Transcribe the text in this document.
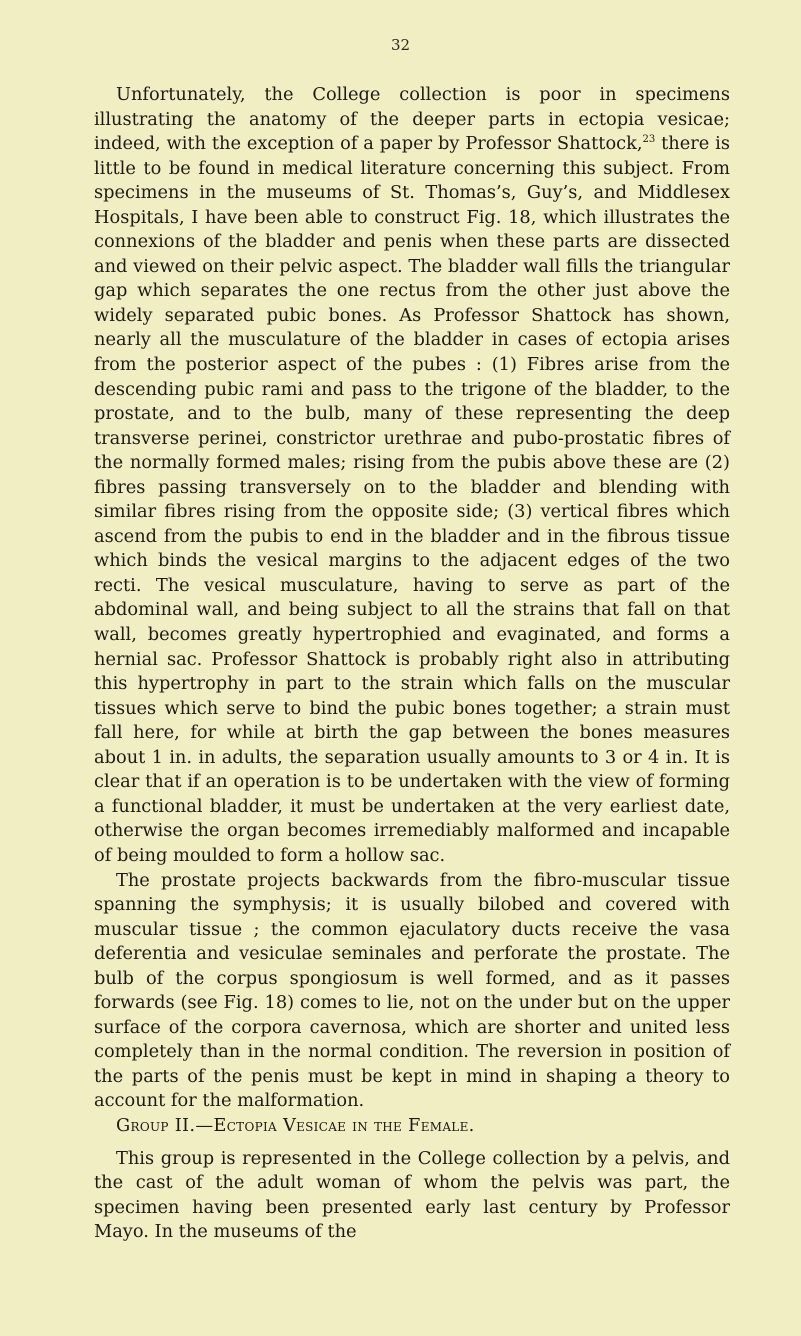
32

Unfortunately, the College collection is poor in specimens illustrating the anatomy of the deeper parts in ectopia vesicae; indeed, with the exception of a paper by Professor Shattock,$^{23}$ there is little to be found in medical literature concerning this subject. From specimens in the museums of St. Thomas’s, Guy’s, and Middlesex Hospitals, I have been able to construct Fig. 18, which illustrates the connexions of the bladder and penis when these parts are dissected and viewed on their pelvic aspect. The bladder wall fills the triangular gap which separates the one rectus from the other just above the widely separated pubic bones. As Professor Shattock has shown, nearly all the musculature of the bladder in cases of ectopia arises from the posterior aspect of the pubes : (1) Fibres arise from the descending pubic rami and pass to the trigone of the bladder, to the prostate, and to the bulb, many of these representing the deep transverse perinei, constrictor urethrae and pubo-prostatic fibres of the normally formed males; rising from the pubis above these are (2) fibres passing transversely on to the bladder and blending with similar fibres rising from the opposite side; (3) vertical fibres which ascend from the pubis to end in the bladder and in the fibrous tissue which binds the vesical margins to the adjacent edges of the two recti. The vesical musculature, having to serve as part of the abdominal wall, and being subject to all the strains that fall on that wall, becomes greatly hypertrophied and evaginated, and forms a hernial sac. Professor Shattock is probably right also in attributing this hypertrophy in part to the strain which falls on the muscular tissues which serve to bind the pubic bones together; a strain must fall here, for while at birth the gap between the bones measures about 1 in. in adults, the separation usually amounts to 3 or 4 in. It is clear that if an operation is to be undertaken with the view of forming a functional bladder, it must be undertaken at the very earliest date, otherwise the organ becomes irremediably malformed and incapable of being moulded to form a hollow sac.

The prostate projects backwards from the fibro-muscular tissue spanning the symphysis; it is usually bilobed and covered with muscular tissue ; the common ejaculatory ducts receive the vasa deferentia and vesiculae seminales and perforate the prostate. The bulb of the corpus spongiosum is well formed, and as it passes forwards (see Fig. 18) comes to lie, not on the under but on the upper surface of the corpora cavernosa, which are shorter and united less completely than in the normal condition. The reversion in position of the parts of the penis must be kept in mind in shaping a theory to account for the malformation.

Group II.—Ectopia Vesicae in the Female.

This group is represented in the College collection by a pelvis, and the cast of the adult woman of whom the pelvis was part, the specimen having been presented early last century by Professor Mayo. In the museums of the
